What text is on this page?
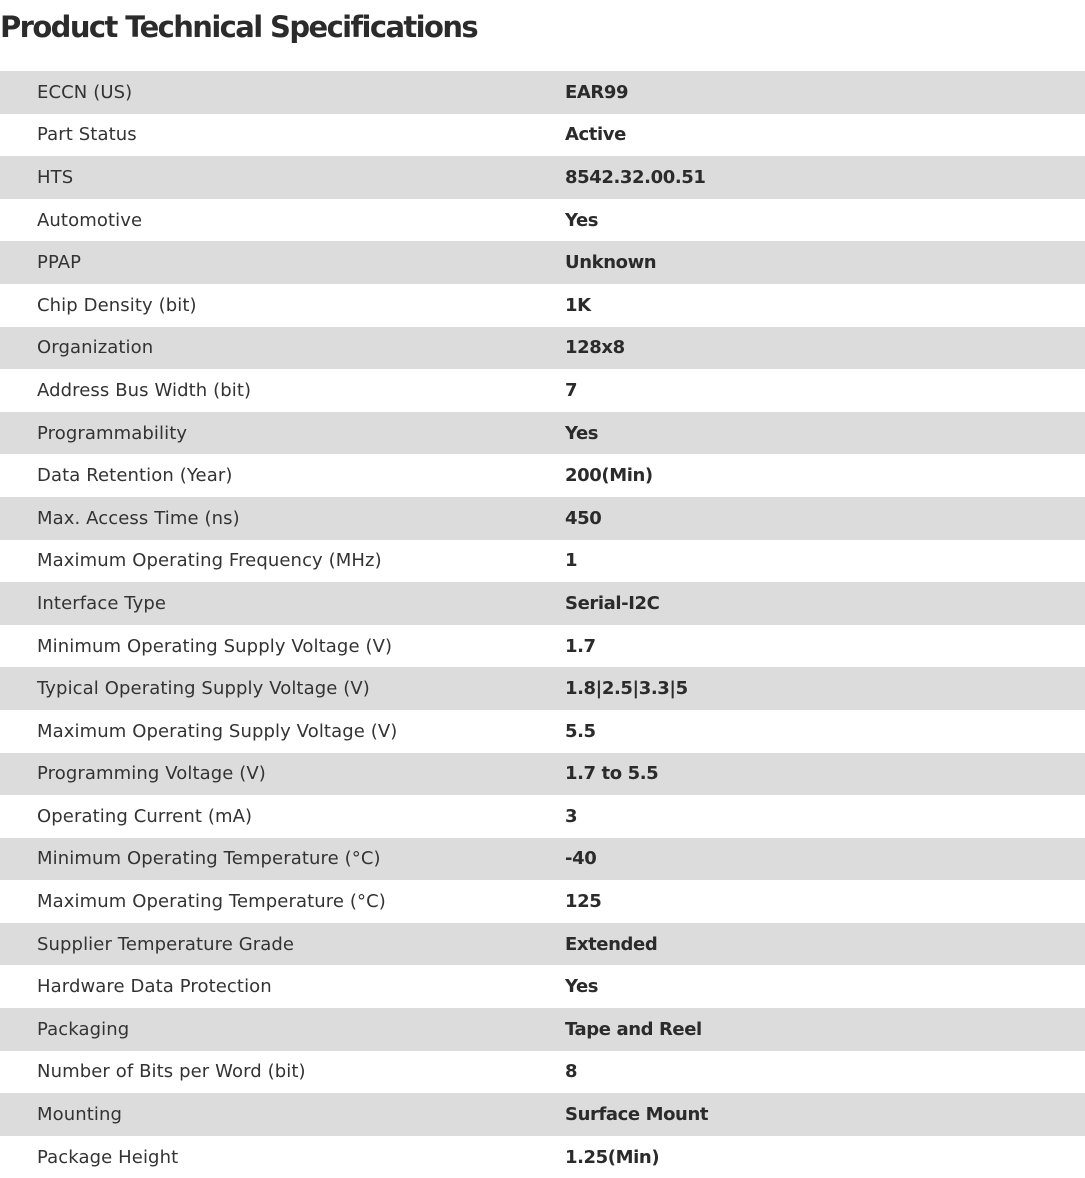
Product Technical Specifications
ECCN (US)	EAR99
Part Status	Active
HTS	8542.32.00.51
Automotive	Yes
PPAP	Unknown
Chip Density (bit)	1K
Organization	128x8
Address Bus Width (bit)	7
Programmability	Yes
Data Retention (Year)	200(Min)
Max. Access Time (ns)	450
Maximum Operating Frequency (MHz)	1
Interface Type	Serial-I2C
Minimum Operating Supply Voltage (V)	1.7
Typical Operating Supply Voltage (V)	1.8|2.5|3.3|5
Maximum Operating Supply Voltage (V)	5.5
Programming Voltage (V)	1.7 to 5.5
Operating Current (mA)	3
Minimum Operating Temperature (°C)	-40
Maximum Operating Temperature (°C)	125
Supplier Temperature Grade	Extended
Hardware Data Protection	Yes
Packaging	Tape and Reel
Number of Bits per Word (bit)	8
Mounting	Surface Mount
Package Height	1.25(Min)
